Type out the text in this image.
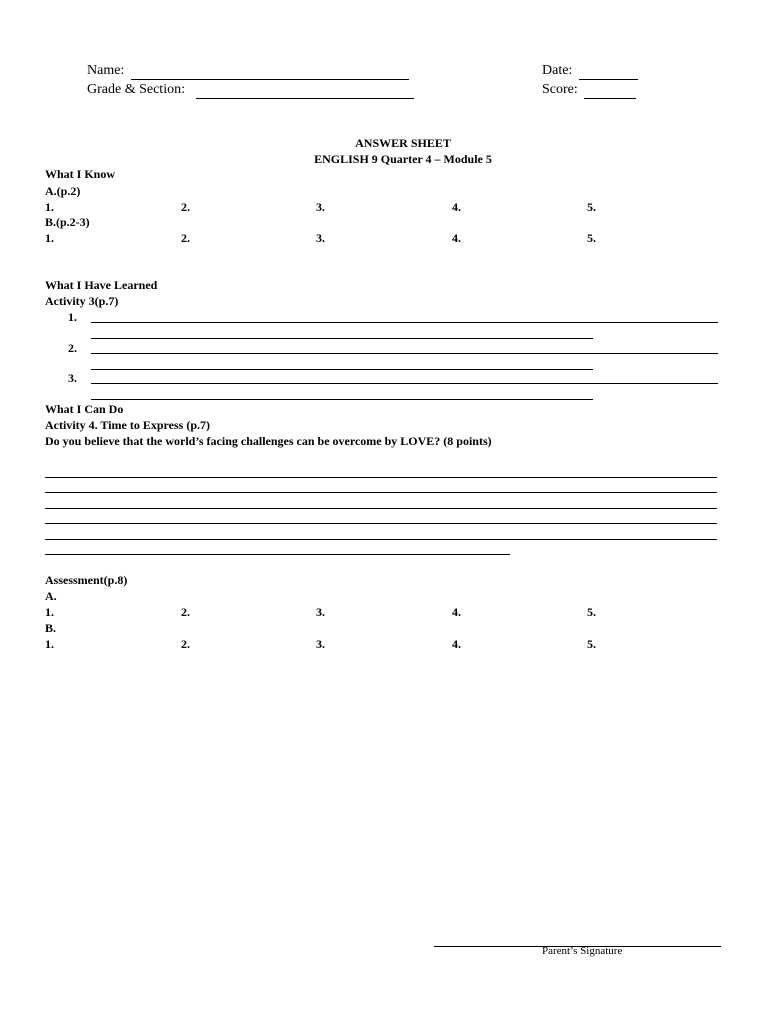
Name:
Grade & Section:
Date:
Score:
ANSWER SHEET
ENGLISH 9 Quarter 4 – Module 5
What I Know
A.(p.2)
1.	2.	3.	4.	5.
B.(p.2-3)
1.	2.	3.	4.	5.
What I Have Learned
Activity 3(p.7)
1.
2.
3.
What I Can Do
Activity 4. Time to Express (p.7)
Do you believe that the world’s facing challenges can be overcome by LOVE? (8 points)
Assessment(p.8)
A.
1.	2.	3.	4.	5.
B.
1.	2.	3.	4.	5.
Parent’s Signature
